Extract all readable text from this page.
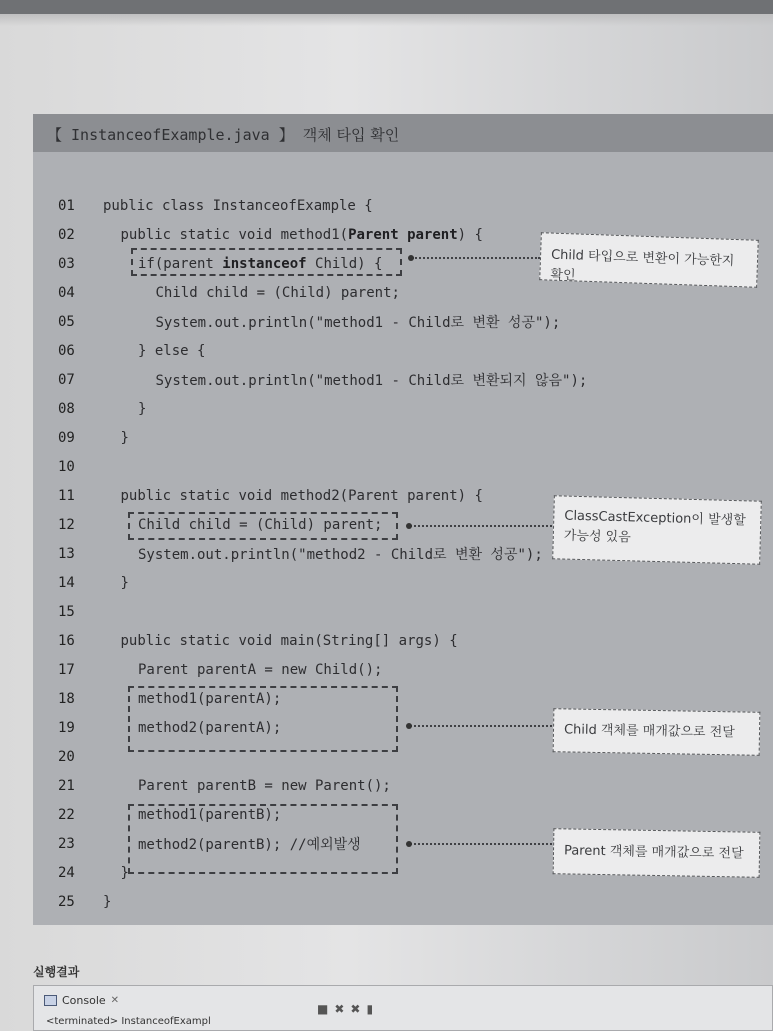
【 InstanceofExample.java 】 객체 타입 확인
01	public class InstanceofExample {
02	public static void method1(Parent parent) {
03	if(parent instanceof Child) {
04	Child child = (Child) parent;
05	System.out.println("method1 - Child로 변환 성공");
06	} else {
07	System.out.println("method1 - Child로 변환되지 않음");
08	}
09	}
10
11	public static void method2(Parent parent) {
12	Child child = (Child) parent;
13	System.out.println("method2 - Child로 변환 성공");
14	}
15
16	public static void main(String[] args) {
17	Parent parentA = new Child();
18	method1(parentA);
19	method2(parentA);
20
21	Parent parentB = new Parent();
22	method1(parentB);
23	method2(parentB); //예외발생
24	}
25	}
Child 타입으로 변환이 가능한지 확인
ClassCastException이 발생할
가능성 있음
Child 객체를 매개값으로 전달
Parent 객체를 매개값으로 전달
실행결과
Console ✕
■ ✖ ✖ ▮
<terminated> InstanceofExampl
